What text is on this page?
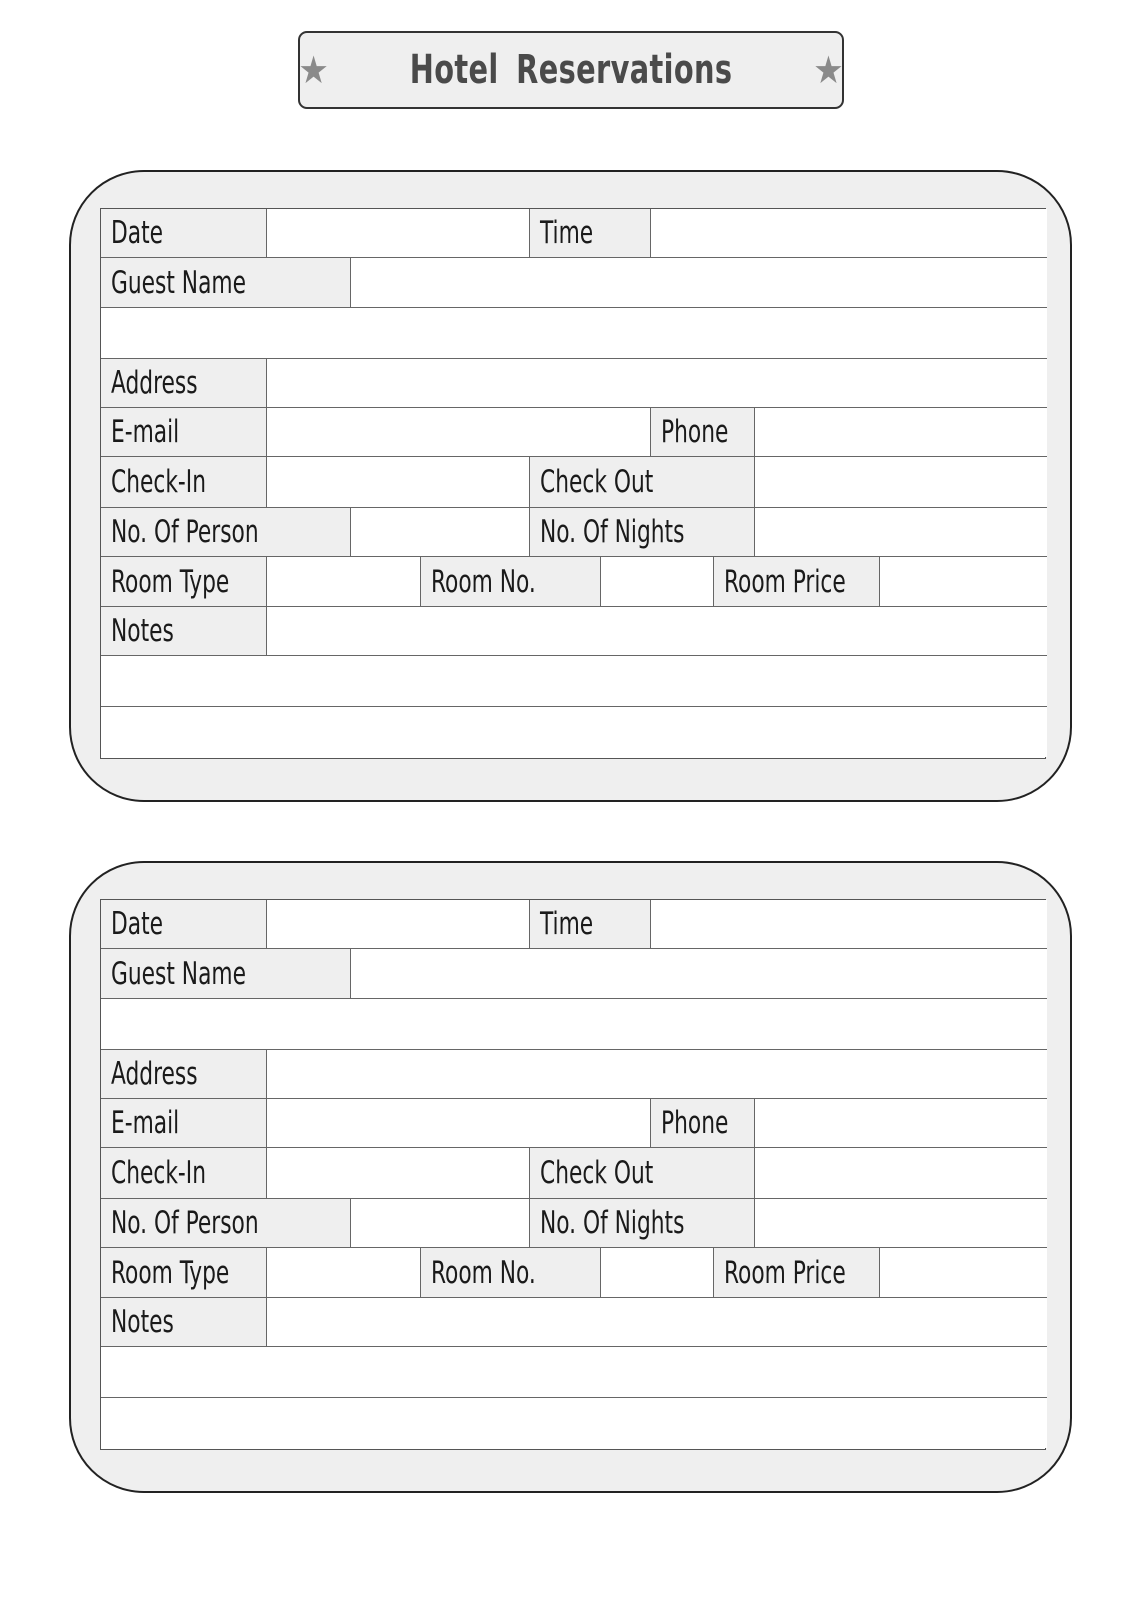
★ Hotel Reservations ★
Date	Time
Guest Name
Address
E-mail	Phone
Check-In	Check Out
No. Of Person	No. Of Nights
Room Type	Room No.	Room Price
Notes
Date	Time
Guest Name
Address
E-mail	Phone
Check-In	Check Out
No. Of Person	No. Of Nights
Room Type	Room No.	Room Price
Notes
